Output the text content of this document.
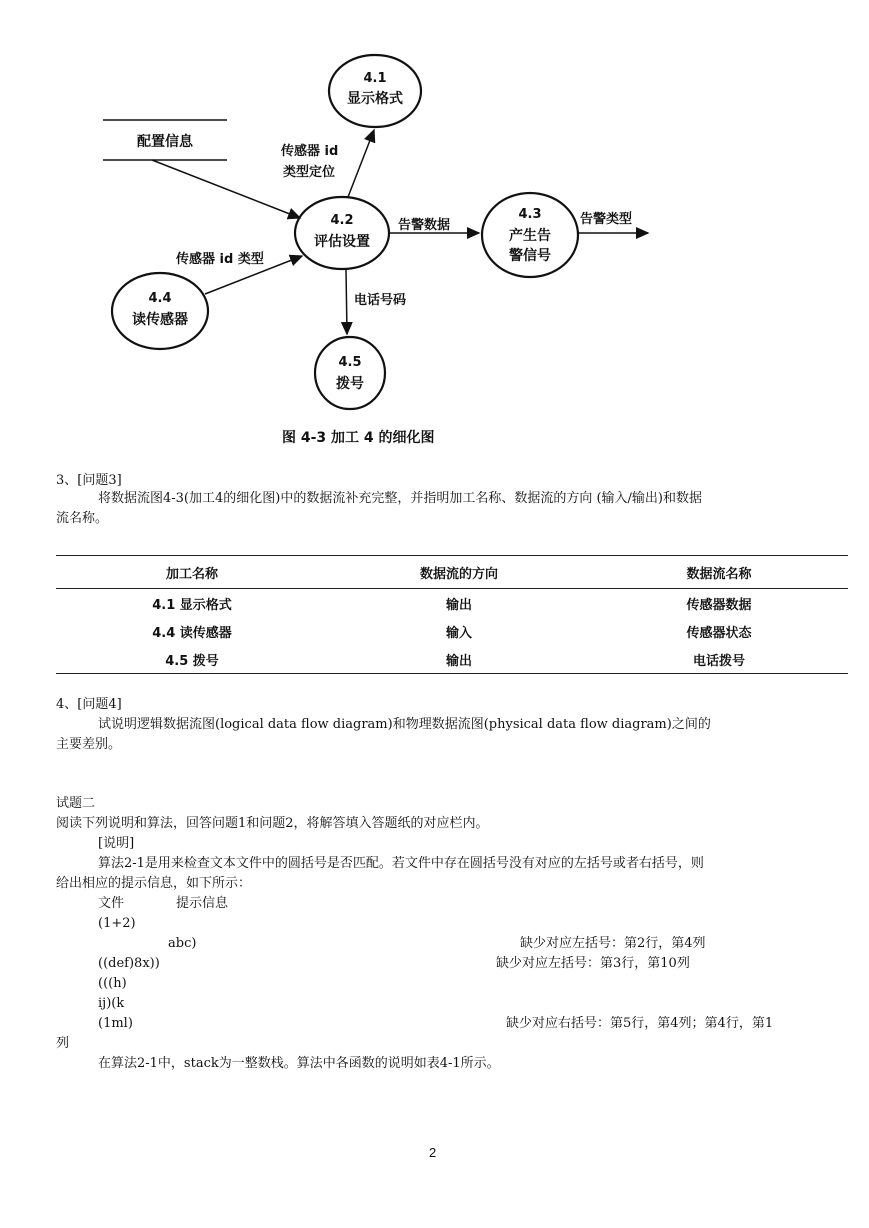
配置信息
4.1
显示格式
4.2
评估设置
4.3
产生告
警信号
4.4
读传感器
4.5
拨号
传感器 id
类型定位
告警数据	告警类型
传感器 id 类型
电话号码
图 4-3 加工 4 的细化图
3、[问题3]
将数据流图4-3(加工4的细化图)中的数据流补充完整，并指明加工名称、数据流的方向 (输入/输出)和数据
流名称。
加工名称	数据流的方向	数据流名称
4.1 显示格式	输出	传感器数据
4.4 读传感器	输入	传感器状态
4.5 拨号	输出	电话拨号
4、[问题4]
试说明逻辑数据流图(logical data flow diagram)和物理数据流图(physical data flow diagram)之间的
主要差别。
试题二
阅读下列说明和算法，回答问题1和问题2，将解答填入答题纸的对应栏内。
[说明]
算法2-1是用来检查文本文件中的圆括号是否匹配。若文件中存在圆括号没有对应的左括号或者右括号，则
给出相应的提示信息，如下所示：
文件	提示信息
(1+2)
abc)	缺少对应左括号：第2行，第4列
((def)8x))	缺少对应左括号：第3行，第10列
(((h)
ij)(k
(1ml)	缺少对应右括号：第5行，第4列；第4行，第1
列
在算法2-1中，stack为一整数栈。算法中各函数的说明如表4-1所示。
2
